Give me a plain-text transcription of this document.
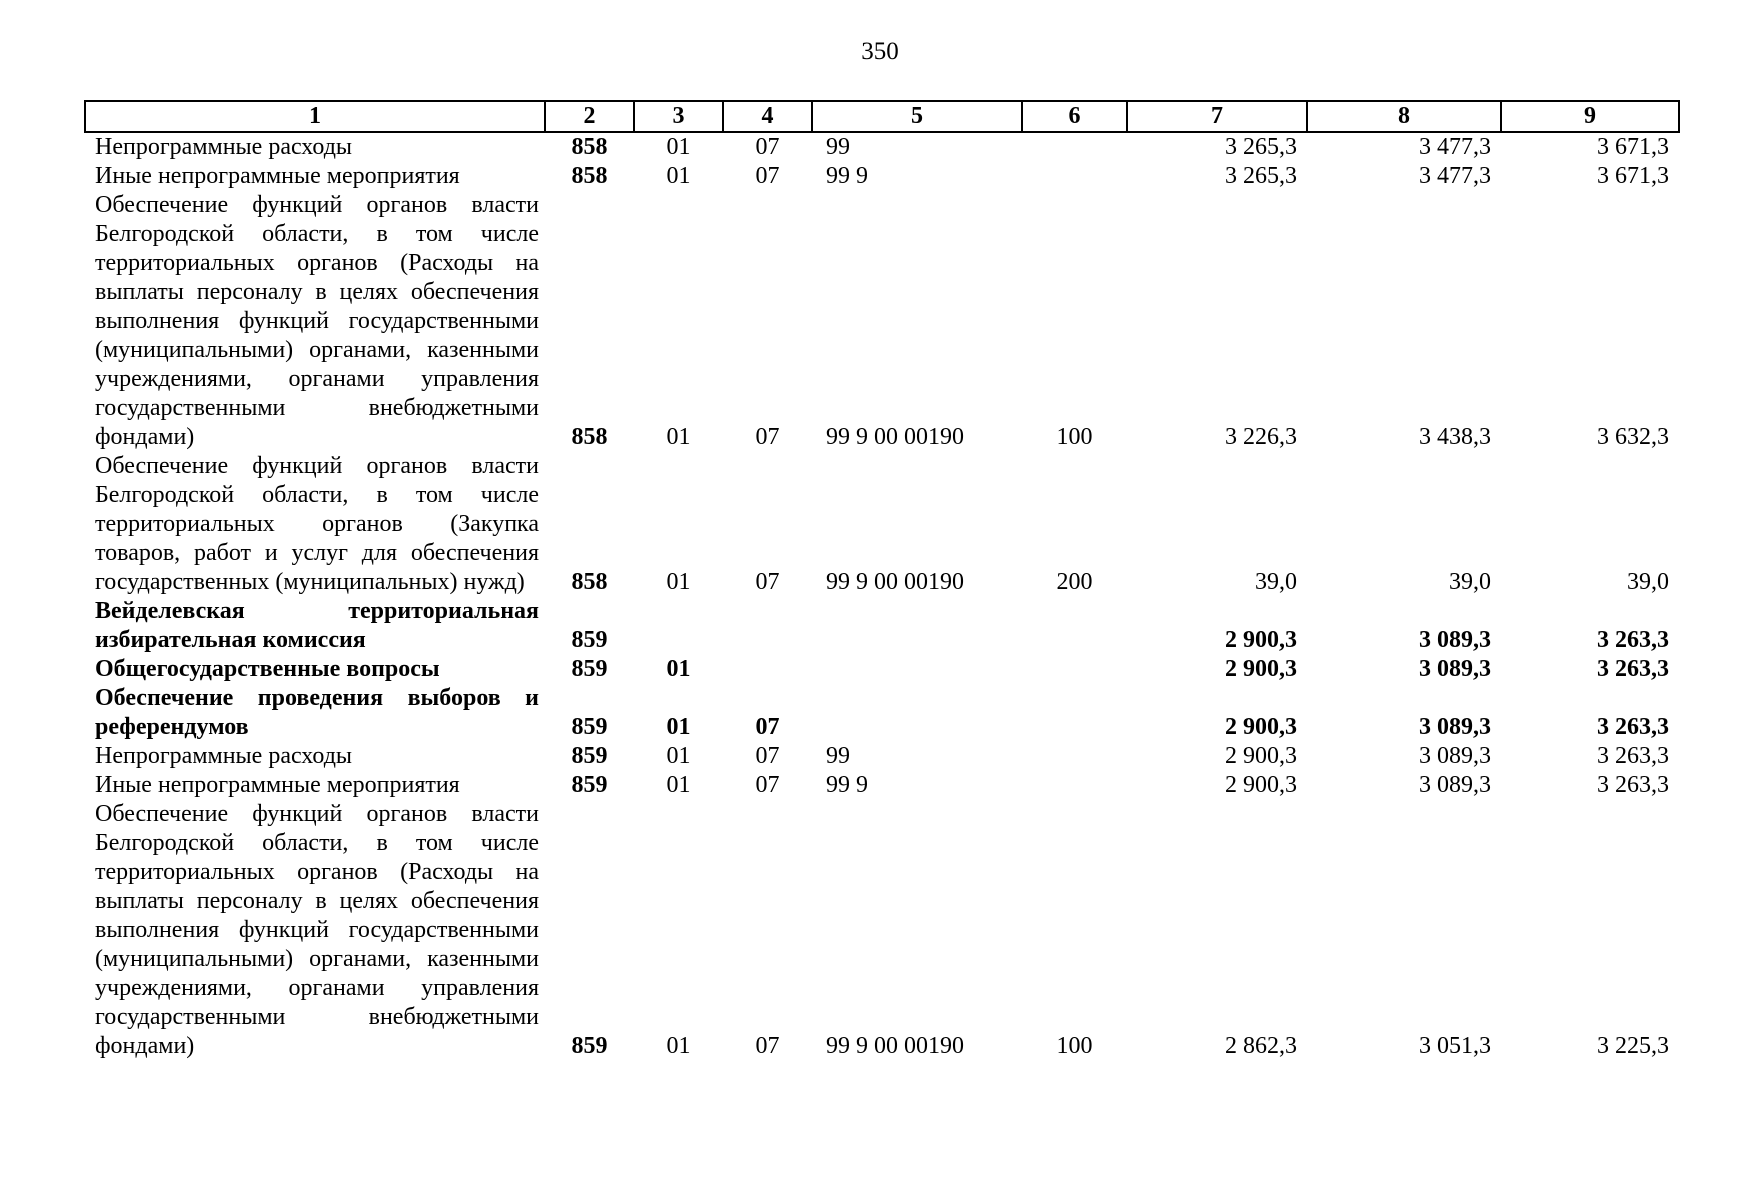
350
1	2	3	4	5	6	7	8	9
Непрограммные расходы	858	01	07	99		3 265,3	3 477,3	3 671,3
Иные непрограммные мероприятия	858	01	07	99 9		3 265,3	3 477,3	3 671,3
Обеспечение функций органов власти Белгородской области, в том числе территориальных органов (Расходы на выплаты персоналу в целях обеспечения выполнения функций государственными (муниципальными) органами, казенными учреждениями, органами управления государственными внебюджетными фондами)	858	01	07	99 9 00 00190	100	3 226,3	3 438,3	3 632,3
Обеспечение функций органов власти Белгородской области, в том числе территориальных органов (Закупка товаров, работ и услуг для обеспечения государственных (муниципальных) нужд)	858	01	07	99 9 00 00190	200	39,0	39,0	39,0
Вейделевская территориальная избирательная комиссия	859					2 900,3	3 089,3	3 263,3
Общегосударственные вопросы	859	01				2 900,3	3 089,3	3 263,3
Обеспечение проведения выборов и референдумов	859	01	07			2 900,3	3 089,3	3 263,3
Непрограммные расходы	859	01	07	99		2 900,3	3 089,3	3 263,3
Иные непрограммные мероприятия	859	01	07	99 9		2 900,3	3 089,3	3 263,3
Обеспечение функций органов власти Белгородской области, в том числе территориальных органов (Расходы на выплаты персоналу в целях обеспечения выполнения функций государственными (муниципальными) органами, казенными учреждениями, органами управления государственными внебюджетными фондами)	859	01	07	99 9 00 00190	100	2 862,3	3 051,3	3 225,3
